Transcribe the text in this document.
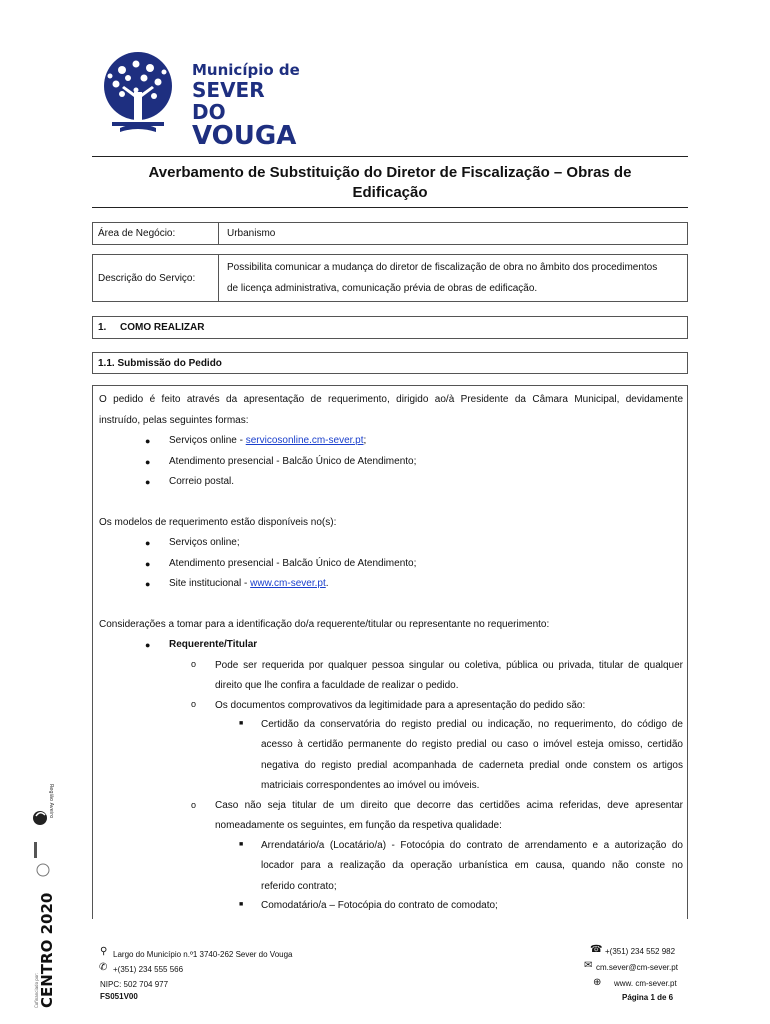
Município de
SEVER DO
VOUGA
Averbamento de Substituição do Diretor de Fiscalização – Obras de
Edificação
Área de Negócio:	Urbanismo
Descrição do Serviço:
Possibilita comunicar a mudança do diretor de fiscalização de obra no âmbito dos procedimentos
de licença administrativa, comunicação prévia de obras de edificação.
1.	COMO REALIZAR
1.1. Submissão do Pedido
O pedido é feito através da apresentação de requerimento, dirigido ao/à Presidente da Câmara Municipal, devidamente
instruído, pelas seguintes formas:
● Serviços online - servicosonline.cm-sever.pt;
● Atendimento presencial - Balcão Único de Atendimento;
● Correio postal.
Os modelos de requerimento estão disponíveis no(s):
● Serviços online;
● Atendimento presencial - Balcão Único de Atendimento;
● Site institucional - www.cm-sever.pt.
Considerações a tomar para a identificação do/a requerente/titular ou representante no requerimento:
● Requerente/Titular
o Pode ser requerida por qualquer pessoa singular ou coletiva, pública ou privada, titular de qualquer
direito que lhe confira a faculdade de realizar o pedido.
o Os documentos comprovativos da legitimidade para a apresentação do pedido são:
■ Certidão da conservatória do registo predial ou indicação, no requerimento, do código de
acesso à certidão permanente do registo predial ou caso o imóvel esteja omisso, certidão
negativa do registo predial acompanhada de caderneta predial onde constem os artigos
matriciais correspondentes ao imóvel ou imóveis.
o Caso não seja titular de um direito que decorre das certidões acima referidas, deve apresentar
nomeadamente os seguintes, em função da respetiva qualidade:
■ Arrendatário/a (Locatário/a) - Fotocópia do contrato de arrendamento e a autorização do
locador para a realização da operação urbanística em causa, quando não conste no
referido contrato;
■ Comodatário/a – Fotocópia do contrato de comodato;
Região Aveiro
CENTRO 2020
Cofinanciado por:
⚲ Largo do Município n.º1 3740-262 Sever do Vouga
✆ +(351) 234 555 566
NIPC: 502 704 977
FS051V00
☎ +(351) 234 552 982
✉ cm.sever@cm-sever.pt
⊕ www. cm-sever.pt
Página 1 de 6
